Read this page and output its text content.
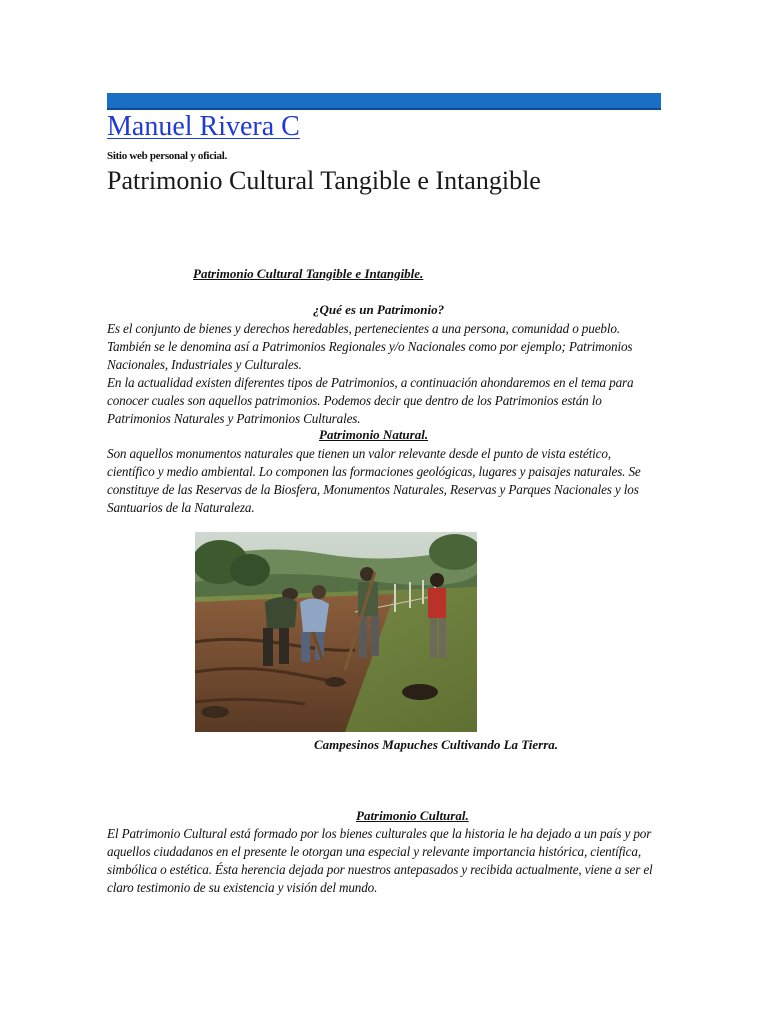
Manuel Rivera C
Sitio web personal y oficial.
Patrimonio Cultural Tangible e Intangible
Patrimonio Cultural Tangible e Intangible.
¿Qué es un Patrimonio?

Es el conjunto de bienes y derechos heredables, pertenecientes a una persona, comunidad o pueblo. También se le denomina así a Patrimonios Regionales y/o Nacionales como por ejemplo; Patrimonios Nacionales, Industriales y Culturales.

En la actualidad existen diferentes tipos de Patrimonios, a continuación ahondaremos en el tema para conocer cuales son aquellos patrimonios. Podemos decir que dentro de los Patrimonios están lo Patrimonios Naturales y Patrimonios Culturales.

Patrimonio Natural.

Son aquellos monumentos naturales que tienen un valor relevante desde el punto de vista estético, científico y medio ambiental. Lo componen las formaciones geológicas, lugares y paisajes naturales. Se constituye de las Reservas de la Biosfera, Monumentos Naturales, Reservas y Parques Nacionales y los Santuarios de la Naturaleza.

Campesinos Mapuches Cultivando La Tierra.
Patrimonio Cultural.

El Patrimonio Cultural está formado por los bienes culturales que la historia le ha dejado a un país y por aquellos ciudadanos en el presente le otorgan una especial y relevante importancia histórica, científica, simbólica o estética. Ésta herencia dejada por nuestros antepasados y recibida actualmente, viene a ser el claro testimonio de su existencia y visión del mundo.
